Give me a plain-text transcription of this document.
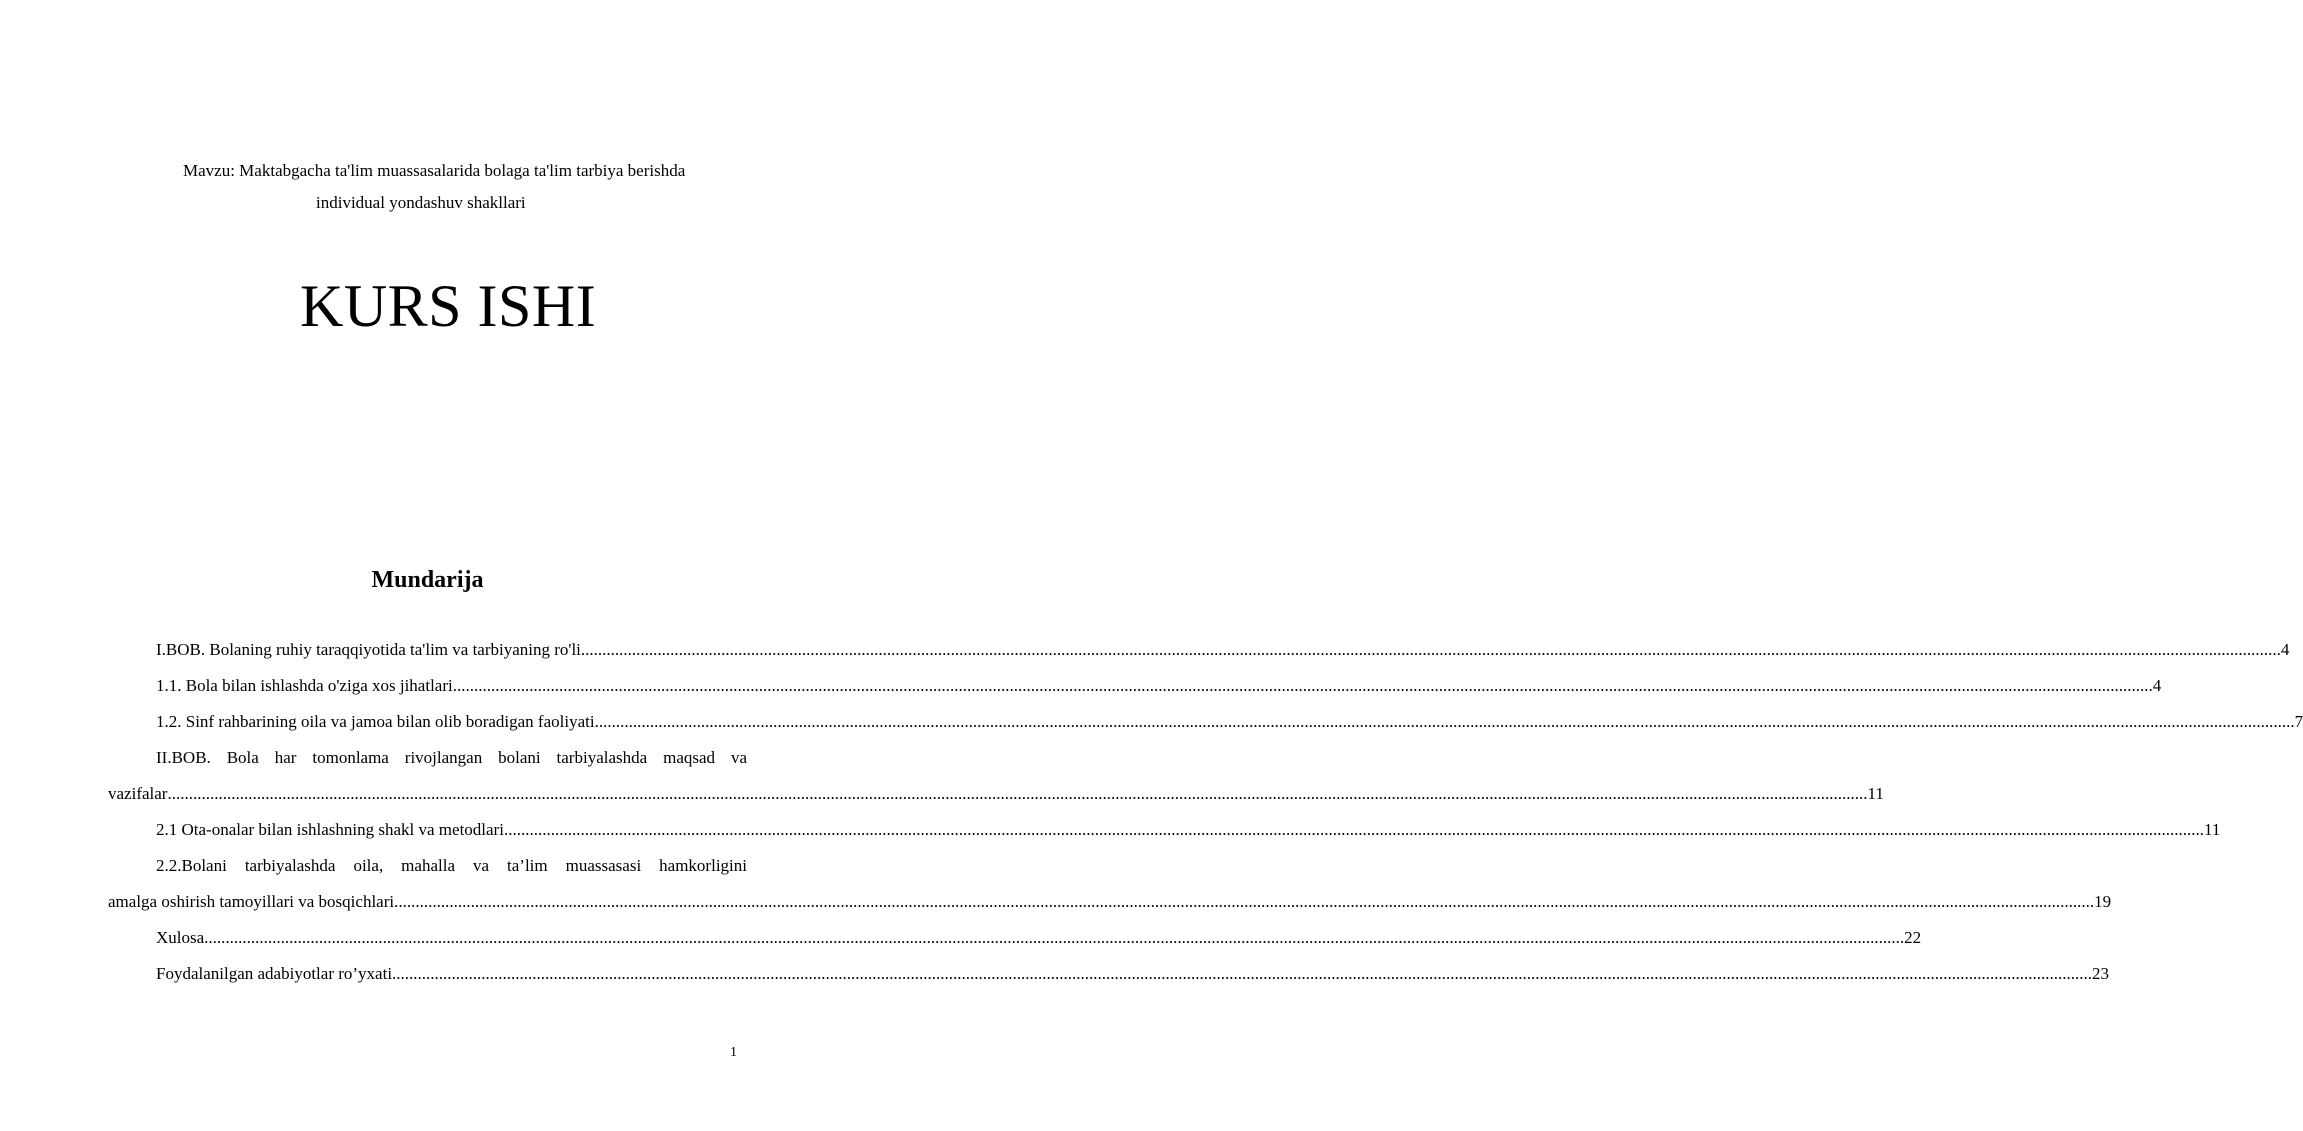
Mavzu: Maktabgacha ta'lim muassasalarida bolaga ta'lim tarbiya berishda
individual yondashuv shakllari
KURS ISHI
Mundarija
I.BOB. Bolaning ruhiy taraqqiyotida ta'lim va tarbiyaning ro'li ................................................................................................................................................................................................................................................................................................................................................................................................................ 4
1.1. Bola bilan ishlashda o'ziga xos jihatlari ................................................................................................................................................................................................................................................................................................................................................................................................................ 4
1.2. Sinf rahbarining oila va jamoa bilan olib boradigan faoliyati ................................................................................................................................................................................................................................................................................................................................................................................................................ 7
II.BOB. Bola har tomonlama rivojlangan bolani tarbiyalashda maqsad va
vazifalar ................................................................................................................................................................................................................................................................................................................................................................................................................ 11
2.1 Ota-onalar bilan ishlashning shakl va metodlari ................................................................................................................................................................................................................................................................................................................................................................................................................ 11
2.2.Bolani tarbiyalashda oila, mahalla va ta’lim muassasasi hamkorligini
amalga oshirish tamoyillari va bosqichlari ................................................................................................................................................................................................................................................................................................................................................................................................................ 19
Xulosa ................................................................................................................................................................................................................................................................................................................................................................................................................ 22
Foydalanilgan adabiyotlar ro’yxati ................................................................................................................................................................................................................................................................................................................................................................................................................ 23
1
